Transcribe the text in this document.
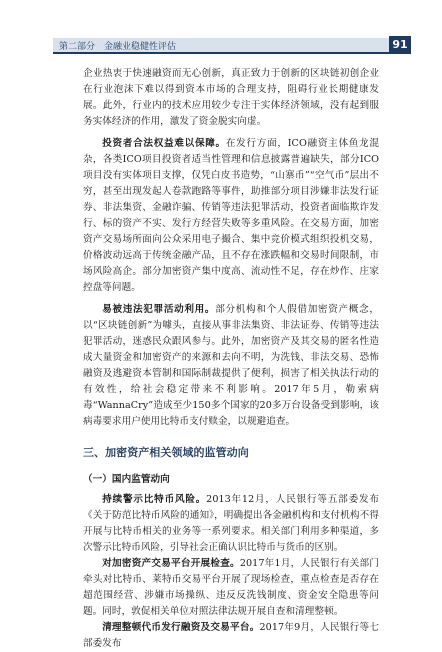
第二部分　金融业稳健性评估	91

企业热衷于快速融资而无心创新，真正致力于创新的区块链初创企业在行业泡沫下难以得到资本市场的合理支持，阻碍行业长期健康发展。此外，行业内的技术应用较少专注于实体经济领域，没有起到服务实体经济的作用，激发了资金脱实向虚。

投资者合法权益难以保障。在发行方面，ICO融资主体鱼龙混杂，各类ICO项目投资者适当性管理和信息披露普遍缺失，部分ICO项目没有实体项目支撑，仅凭白皮书造势，“山寨币”“空气币”层出不穷，甚至出现发起人卷款跑路等事件，助推部分项目涉嫌非法发行证券、非法集资、金融诈骗、传销等违法犯罪活动，投资者面临欺诈发行、标的资产不实、发行方经营失败等多重风险。在交易方面，加密资产交易场所面向公众采用电子撮合、集中竞价模式组织投机交易，价格波动远高于传统金融产品，且不存在涨跌幅和交易时间限制，市场风险高企。部分加密资产集中度高、流动性不足，存在炒作、庄家控盘等问题。

易被违法犯罪活动利用。部分机构和个人假借加密资产概念，以“区块链创新”为噱头，直接从事非法集资、非法证券、传销等违法犯罪活动，迷惑民众跟风参与。此外，加密资产及其交易的匿名性造成大量资金和加密资产的来源和去向不明，为洗钱、非法交易、恐怖融资及逃避资本管制和国际制裁提供了便利，损害了相关执法行动的有效性，给社会稳定带来不利影响。2017年5月，勒索病毒“WannaCry”造成至少150多个国家的20多万台设备受到影响，该病毒要求用户使用比特币支付赎金，以规避追查。

三、加密资产相关领域的监管动向
（一）国内监管动向

持续警示比特币风险。2013年12月，人民银行等五部委发布《关于防范比特币风险的通知》，明确提出各金融机构和支付机构不得开展与比特币相关的业务等一系列要求。相关部门利用多种渠道，多次警示比特币风险，引导社会正确认识比特币与货币的区别。

对加密资产交易平台开展检查。2017年1月，人民银行有关部门牵头对比特币、莱特币交易平台开展了现场检查，重点检查是否存在超范围经营、涉嫌市场操纵、违反反洗钱制度、资金安全隐患等问题。同时，敦促相关单位对照法律法规开展自查和清理整顿。

清理整顿代币发行融资及交易平台。2017年9月，人民银行等七部委发布
